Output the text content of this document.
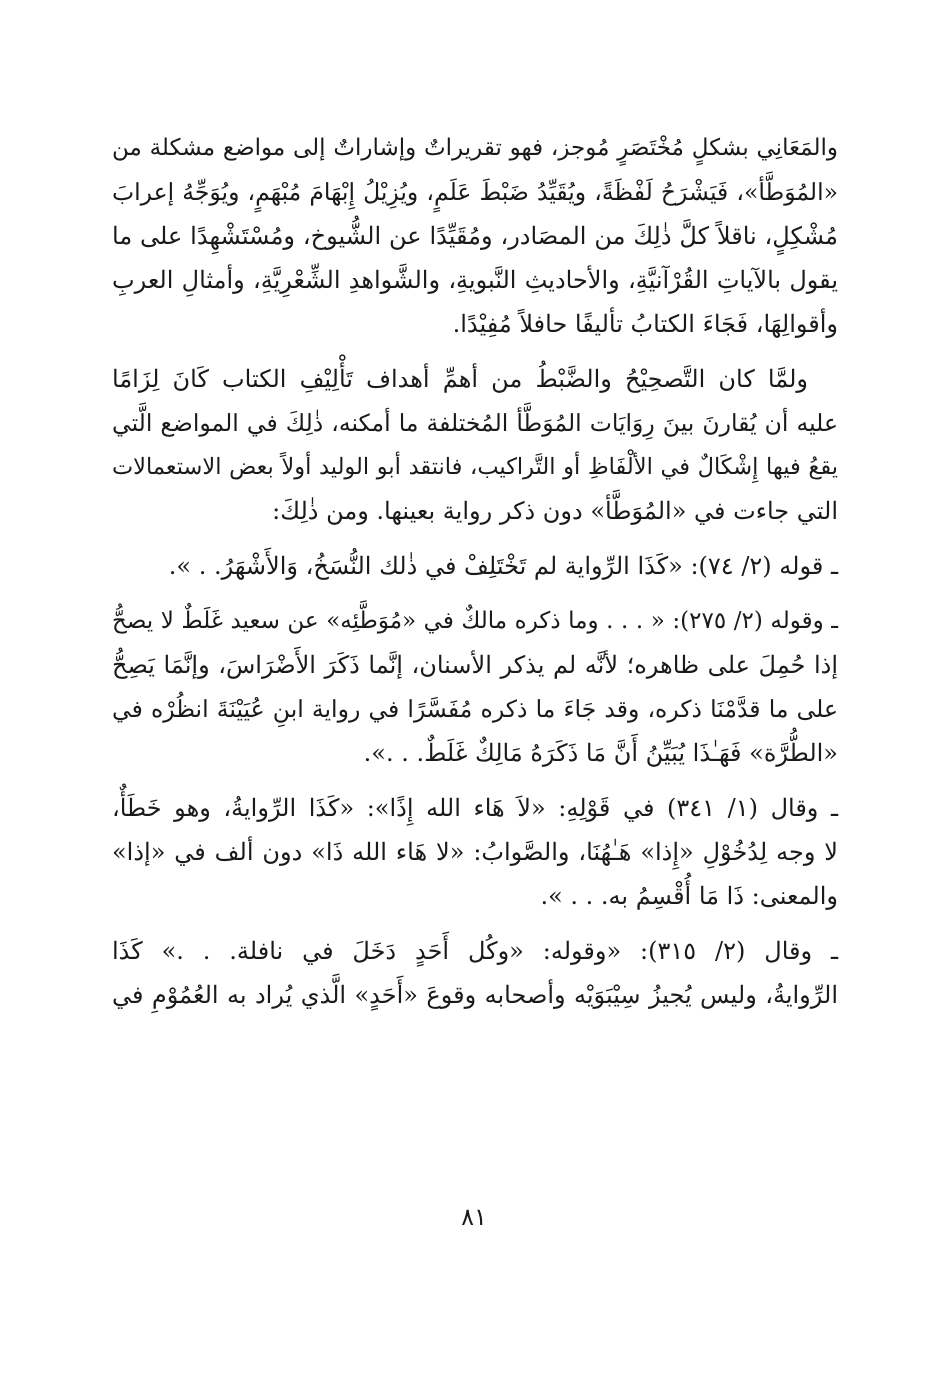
والمَعَانِي بشكلٍ مُخْتَصَرٍ مُوجز، فهو تقريراتٌ وإشاراتٌ إلى مواضع مشكلة من
«المُوَطَّأ»، فَيَشْرَحُ لَفْظَةً، ويُقَيِّدُ ضَبْطَ عَلَمٍ، ويُزِيْلُ إِبْهَامَ مُبْهَمٍ، ويُوَجِّهُ إعرابَ
مُشْكِلٍ، ناقلاً كلَّ ذٰلِكَ من المصَادر، ومُقَيِّدًا عن الشُّيوخ، ومُسْتَشْهِدًا على ما
يقول بالآياتِ القُرْآنيَّةِ، والأحاديثِ النَّبويةِ، والشَّواهدِ الشِّعْرِيَّةِ، وأمثالِ العربِ
وأقوالِهَا، فَجَاءَ الكتابُ تأليفًا حافلاً مُفِيْدًا.
ولمَّا كان التَّصحِيْحُ والضَّبْطُ من أهمِّ أهداف تَأْلِيْفِ الكتاب كَانَ لِزَامًا
عليه أن يُقارنَ بينَ رِوَايَات المُوَطَّأ المُختلفة ما أمكنه، ذٰلِكَ في المواضع الَّتي
يقعُ فيها إِشْكَالٌ في الألْفَاظِ أو التَّراكيب، فانتقد أبو الوليد أولاً بعض الاستعمالات
التي جاءت في «المُوَطَّأ» دون ذكر رواية بعينها. ومن ذٰلِكَ:
ـ قوله (٢/ ٧٤): «كَذَا الرِّواية لم تَخْتَلِفْ في ذٰلك النُّسَخُ، وَالأَشْهَرُ. . ».
ـ وقوله (٢/ ٢٧٥): « . . . وما ذكره مالكٌ في «مُوَطَّئِه» عن سعيد غَلَطٌ لا يصحُّ
إذا حُمِلَ على ظاهره؛ لأنَّه لم يذكر الأسنان، إنَّما ذَكَرَ الأَضْرَاسَ، وإنَّمَا يَصِحُّ
على ما قدَّمْنَا ذكره، وقد جَاءَ ما ذكره مُفَسَّرًا في رواية ابنِ عُيَيْنَةَ انظُرْه في
«الطُّرَّة» فَهَـٰذَا يُبَيِّنُ أَنَّ مَا ذَكَرَهُ مَالِكٌ غَلَطٌ. . .».
ـ وقال (١/ ٣٤١) في قَوْلِهِ: «لاَ هَاء الله إِذًا»: «كَذَا الرِّوايةُ، وهو خَطَأٌ،
لا وجه لِدُخُوْلِ «إِذا» هَـٰهُنَا، والصَّوابُ: «لا هَاء الله ذَا» دون ألف في «إذا»
والمعنى: ذَا مَا أُقْسِمُ به. . . ».
ـ وقال (٢/ ٣١٥): «وقوله: «وكُل أَحَدٍ دَخَلَ في نافلة. . .» كَذَا
الرِّوايةُ، وليس يُجيزُ سِيْبَوَيْه وأصحابه وقوعَ «أَحَدٍ» الَّذي يُراد به العُمُوْمِ في
٨١
